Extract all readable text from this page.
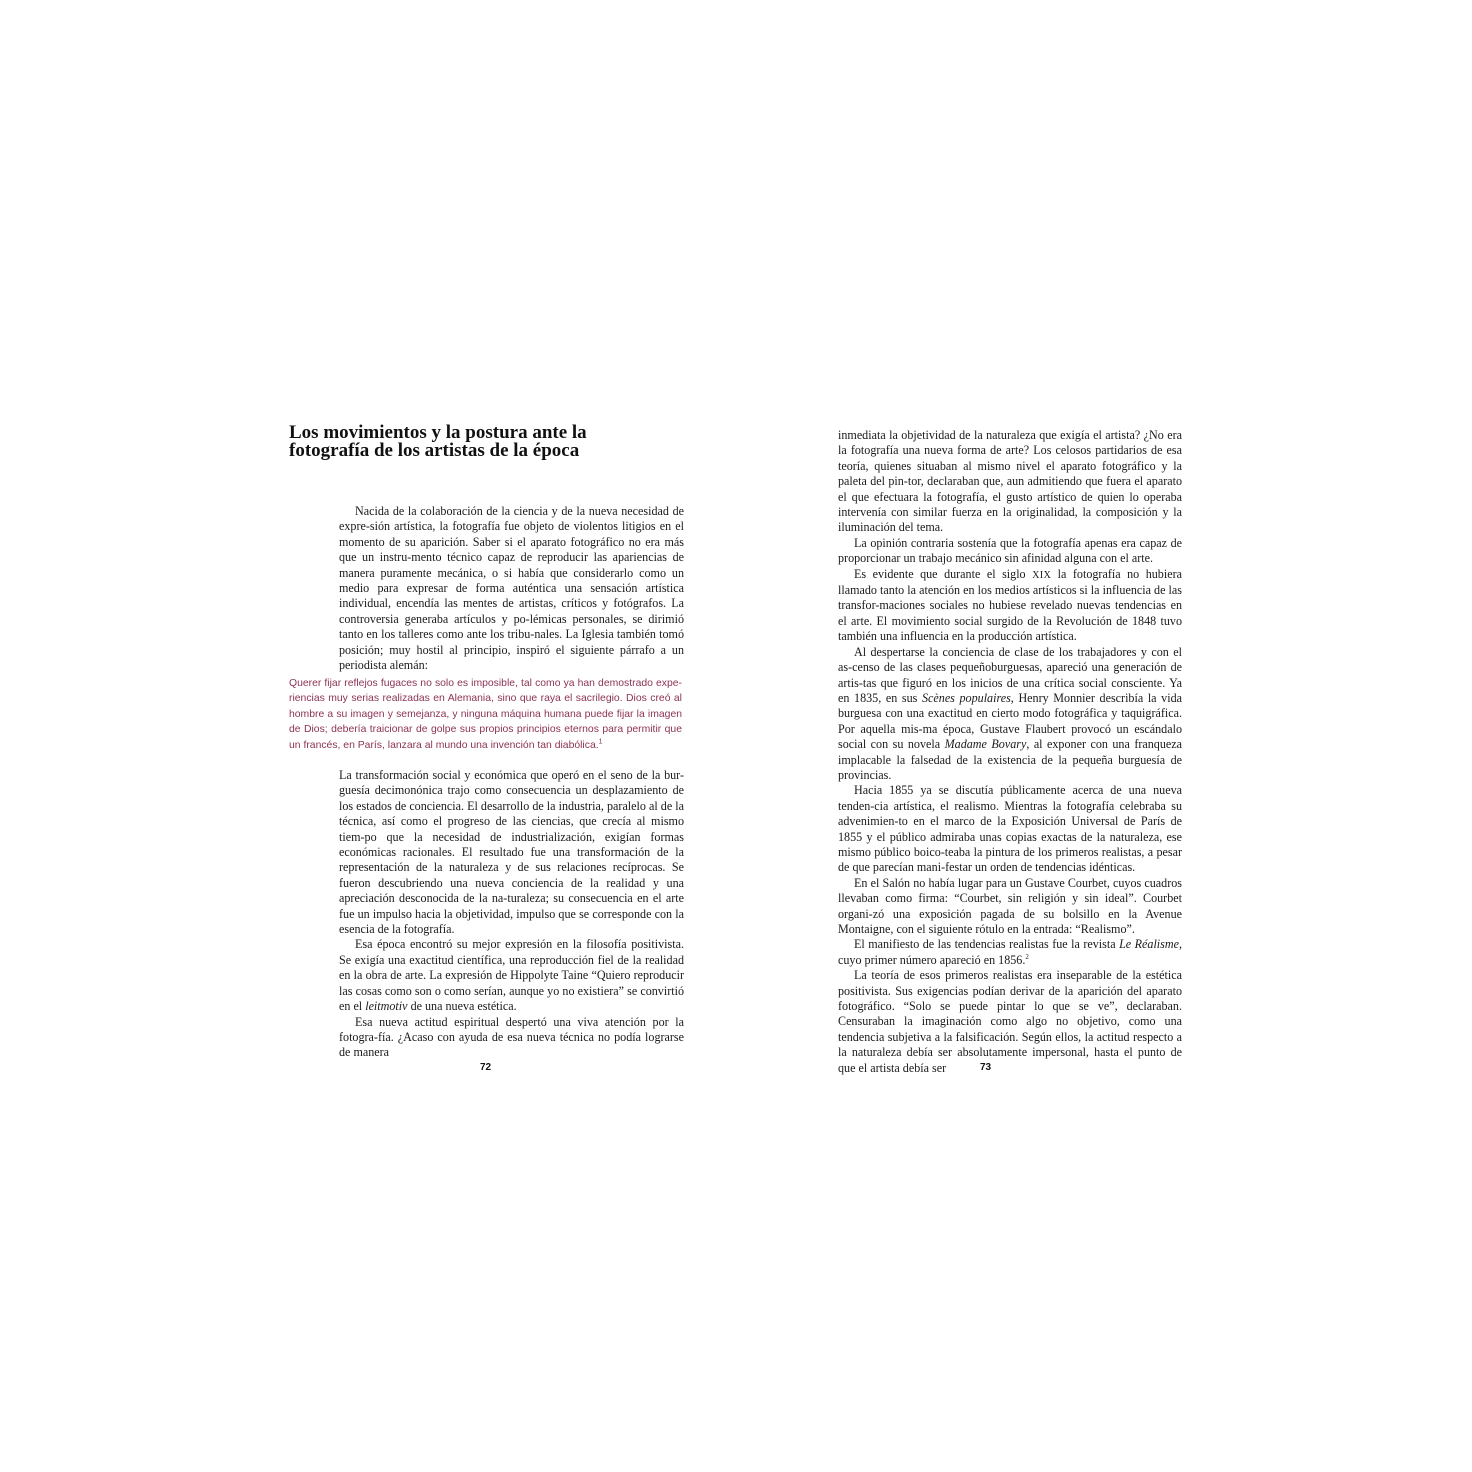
Los movimientos y la postura ante la fotografía de los artistas de la época

Nacida de la colaboración de la ciencia y de la nueva necesidad de expre-sión artística, la fotografía fue objeto de violentos litigios en el momento de su aparición. Saber si el aparato fotográfico no era más que un instru-mento técnico capaz de reproducir las apariencias de manera puramente mecánica, o si había que considerarlo como un medio para expresar de forma auténtica una sensación artística individual, encendía las mentes de artistas, críticos y fotógrafos. La controversia generaba artículos y po-lémicas personales, se dirimió tanto en los talleres como ante los tribu-nales. La Iglesia también tomó posición; muy hostil al principio, inspiró el siguiente párrafo a un periodista alemán:

Querer fijar reflejos fugaces no solo es imposible, tal como ya han demostrado expe-riencias muy serias realizadas en Alemania, sino que raya el sacrilegio. Dios creó al hombre a su imagen y semejanza, y ninguna máquina humana puede fijar la imagen de Dios; debería traicionar de golpe sus propios principios eternos para permitir que un francés, en París, lanzara al mundo una invención tan diabólica.$^1$

La transformación social y económica que operó en el seno de la bur-guesía decimonónica trajo como consecuencia un desplazamiento de los estados de conciencia. El desarrollo de la industria, paralelo al de la técnica, así como el progreso de las ciencias, que crecía al mismo tiem-po que la necesidad de industrialización, exigían formas económicas racionales. El resultado fue una transformación de la representación de la naturaleza y de sus relaciones recíprocas. Se fueron descubriendo una nueva conciencia de la realidad y una apreciación desconocida de la na-turaleza; su consecuencia en el arte fue un impulso hacia la objetividad, impulso que se corresponde con la esencia de la fotografía.

Esa época encontró su mejor expresión en la filosofía positivista. Se exigía una exactitud científica, una reproducción fiel de la realidad en la obra de arte. La expresión de Hippolyte Taine “Quiero reproducir las cosas como son o como serían, aunque yo no existiera” se convirtió en el leitmotiv de una nueva estética.

Esa nueva actitud espiritual despertó una viva atención por la fotogra-fía. ¿Acaso con ayuda de esa nueva técnica no podía lograrse de manera

inmediata la objetividad de la naturaleza que exigía el artista? ¿No era la fotografía una nueva forma de arte? Los celosos partidarios de esa teoría, quienes situaban al mismo nivel el aparato fotográfico y la paleta del pin-tor, declaraban que, aun admitiendo que fuera el aparato el que efectuara la fotografía, el gusto artístico de quien lo operaba intervenía con similar fuerza en la originalidad, la composición y la iluminación del tema.

La opinión contraria sostenía que la fotografía apenas era capaz de proporcionar un trabajo mecánico sin afinidad alguna con el arte.

Es evidente que durante el siglo XIX la fotografía no hubiera llamado tanto la atención en los medios artísticos si la influencia de las transfor-maciones sociales no hubiese revelado nuevas tendencias en el arte. El movimiento social surgido de la Revolución de 1848 tuvo también una influencia en la producción artística.

Al despertarse la conciencia de clase de los trabajadores y con el as-censo de las clases pequeñoburguesas, apareció una generación de artis-tas que figuró en los inicios de una crítica social consciente. Ya en 1835, en sus Scènes populaires, Henry Monnier describía la vida burguesa con una exactitud en cierto modo fotográfica y taquigráfica. Por aquella mis-ma época, Gustave Flaubert provocó un escándalo social con su novela Madame Bovary, al exponer con una franqueza implacable la falsedad de la existencia de la pequeña burguesía de provincias.

Hacia 1855 ya se discutía públicamente acerca de una nueva tenden-cia artística, el realismo. Mientras la fotografía celebraba su advenimien-to en el marco de la Exposición Universal de París de 1855 y el público admiraba unas copias exactas de la naturaleza, ese mismo público boico-teaba la pintura de los primeros realistas, a pesar de que parecían mani-festar un orden de tendencias idénticas.

En el Salón no había lugar para un Gustave Courbet, cuyos cuadros llevaban como firma: “Courbet, sin religión y sin ideal”. Courbet organi-zó una exposición pagada de su bolsillo en la Avenue Montaigne, con el siguiente rótulo en la entrada: “Realismo”.

El manifiesto de las tendencias realistas fue la revista Le Réalisme, cuyo primer número apareció en 1856.$^2$

La teoría de esos primeros realistas era inseparable de la estética positivista. Sus exigencias podían derivar de la aparición del aparato fotográfico. “Solo se puede pintar lo que se ve”, declaraban. Censuraban la imaginación como algo no objetivo, como una tendencia subjetiva a la falsificación. Según ellos, la actitud respecto a la naturaleza debía ser absolutamente impersonal, hasta el punto de que el artista debía ser

72	73
